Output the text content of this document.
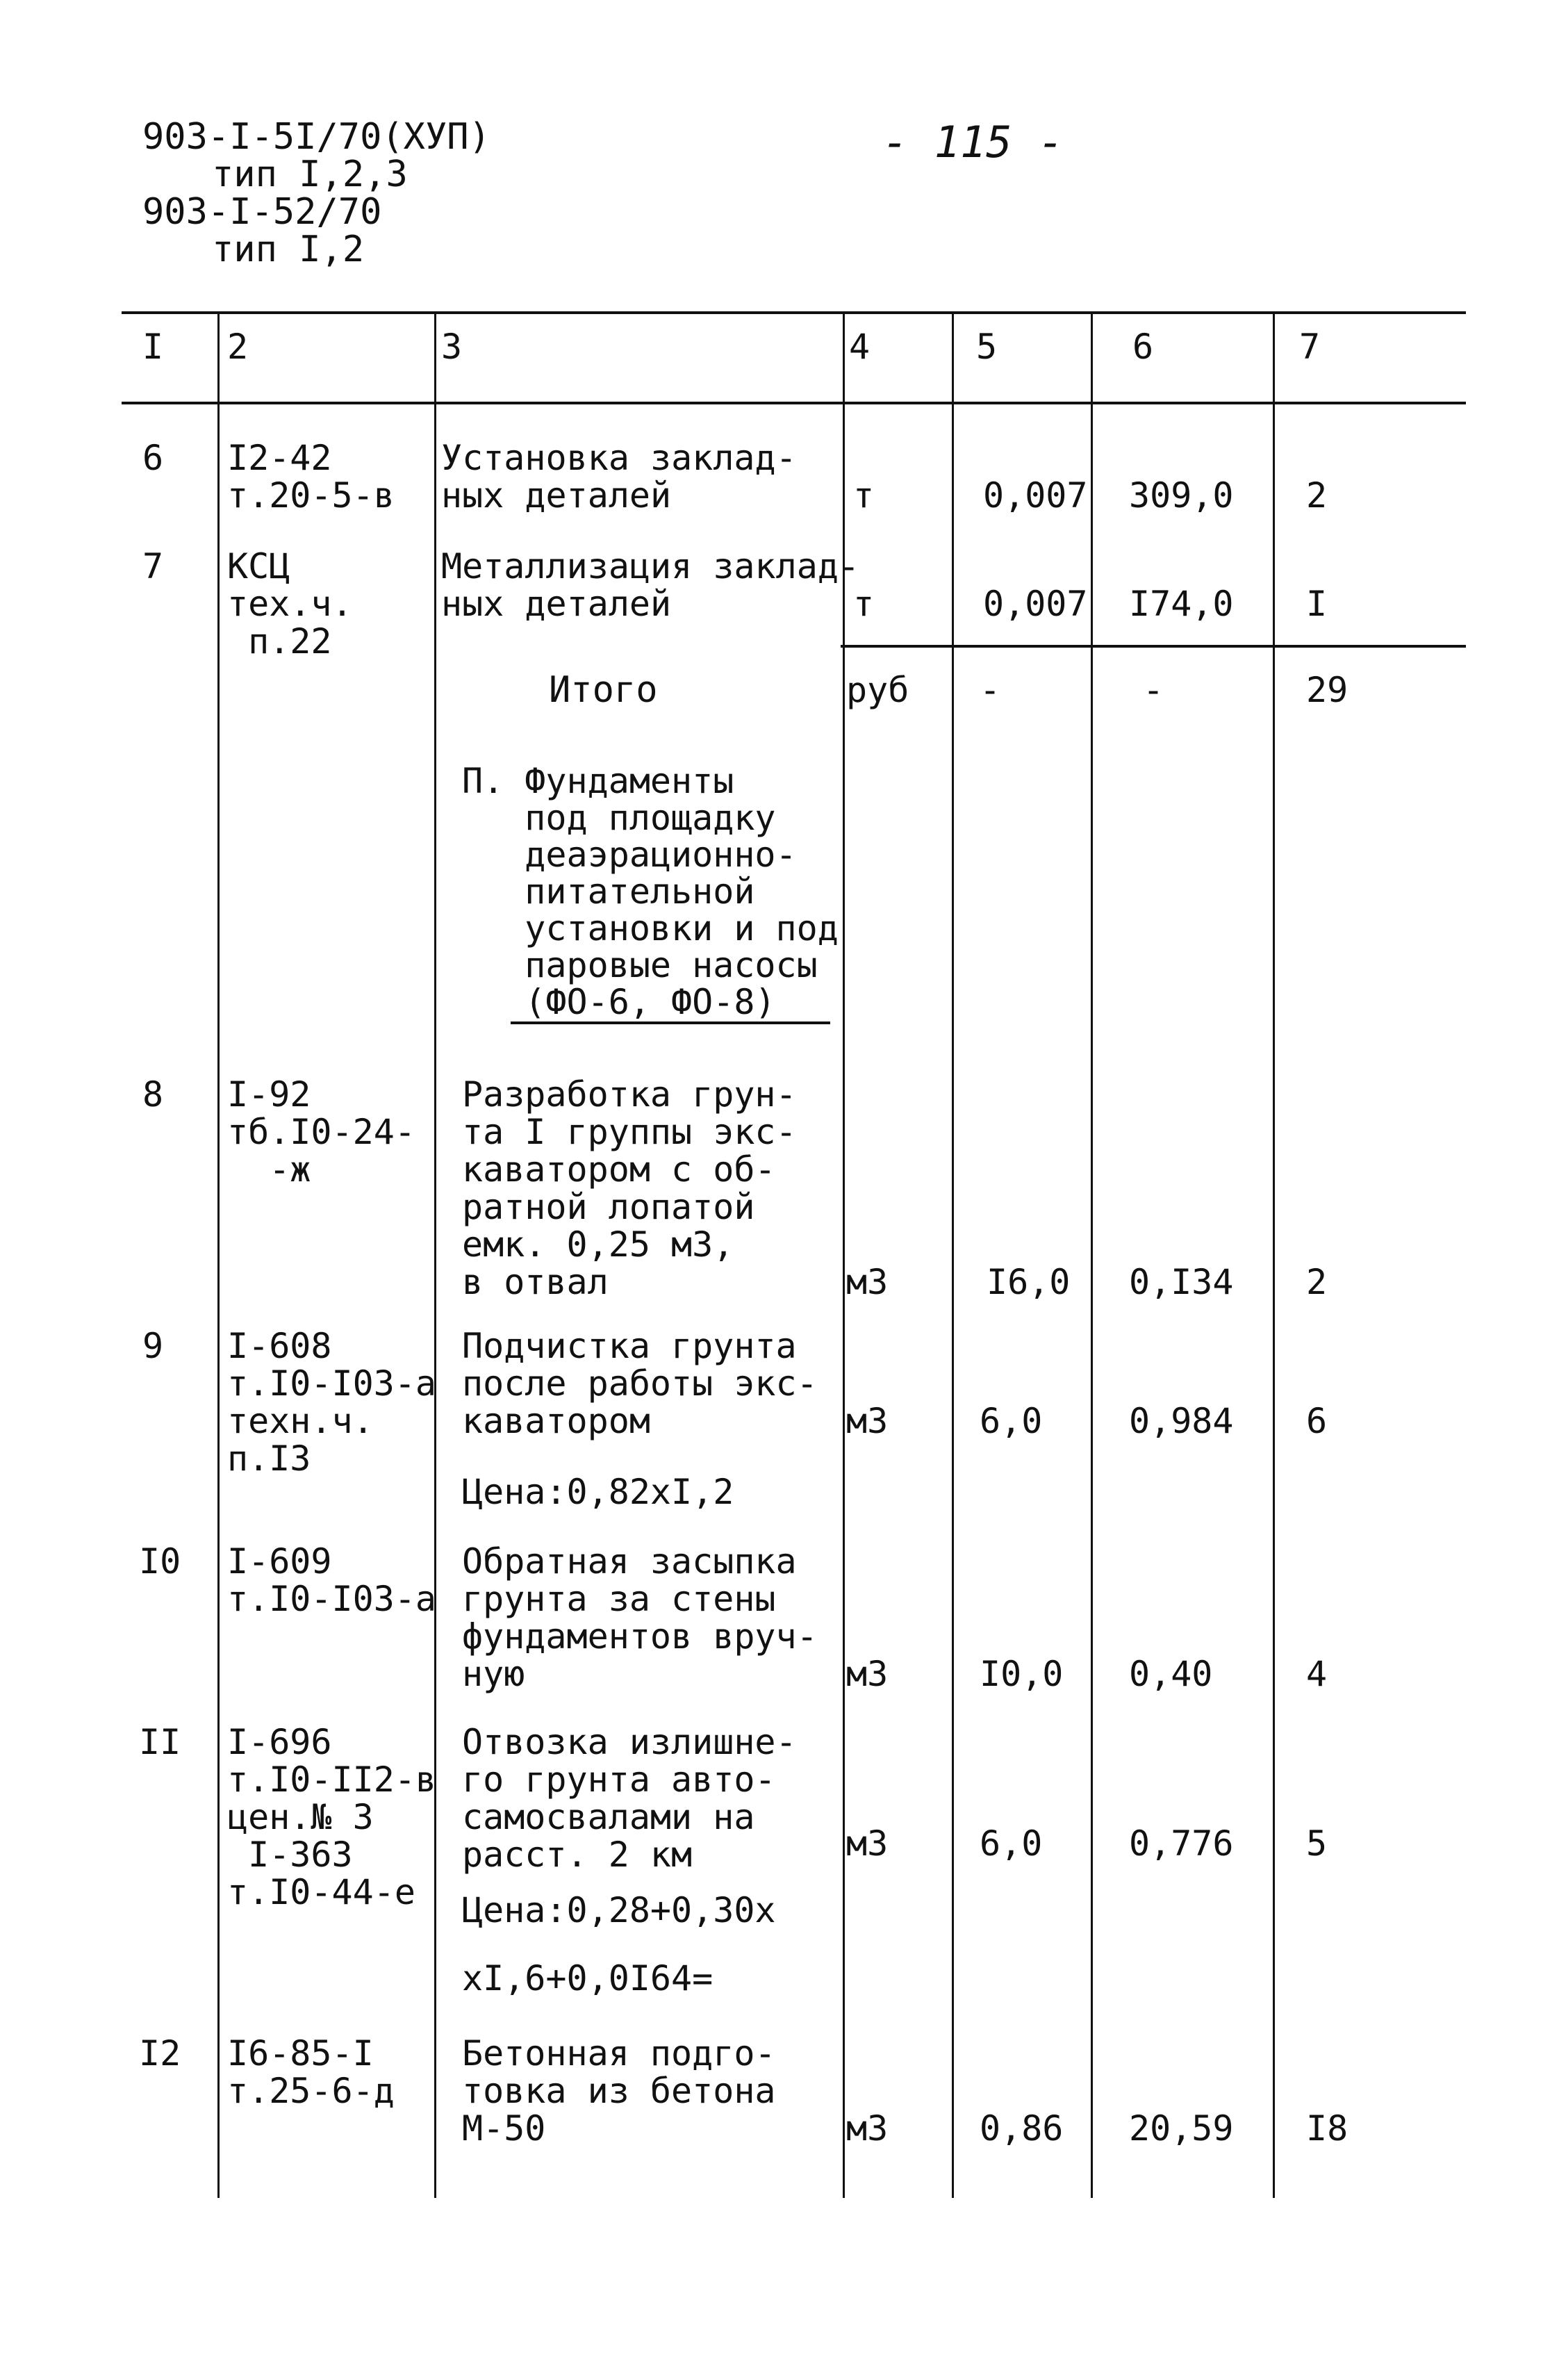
903-I-5I/70(ХУП)
тип I,2,3
903-I-52/70
тип I,2
- 115 -
I 2	3	4	5	6	7
6 I2-42
т.20-5-в
Установка заклад-
ных деталей	т	0,007 309,0 2
7 КСЦ
тех.ч.
п.22
Металлизация заклад-
ных деталей	т	0,007 I74,0 I
Итого	руб -	-	29
П. Фундаменты
под площадку
деаэрационно-
питательной
установки и под
паровые насосы
(ФО-6, ФО-8)
8 I-92
тб.I0-24-
-ж
Разработка грун-
та I группы экс-
каватором с об-
ратной лопатой
емк. 0,25 м3,
в отвал	м3	I6,0 0,I34 2
9 I-608
т.I0-I03-а
техн.ч.
п.I3
Подчистка грунта
после работы экс-
каватором	м3	6,0 0,984 6
Цена:0,82хI,2
I0 I-609
т.I0-I03-а
Обратная засыпка
грунта за стены
фундаментов вруч-
ную	м3	I0,0 0,40	4
II I-696
т.I0-II2-в
цен.№ 3
I-363
т.I0-44-е
Отвозка излишне-
го грунта авто-
самосвалами на
расст. 2 км	м3	6,0 0,776 5
Цена:0,28+0,30х
хI,6+0,0I64=
I2 I6-85-I
т.25-6-д
Бетонная подго-
товка из бетона
М-50	м3	0,86 20,59 I8
